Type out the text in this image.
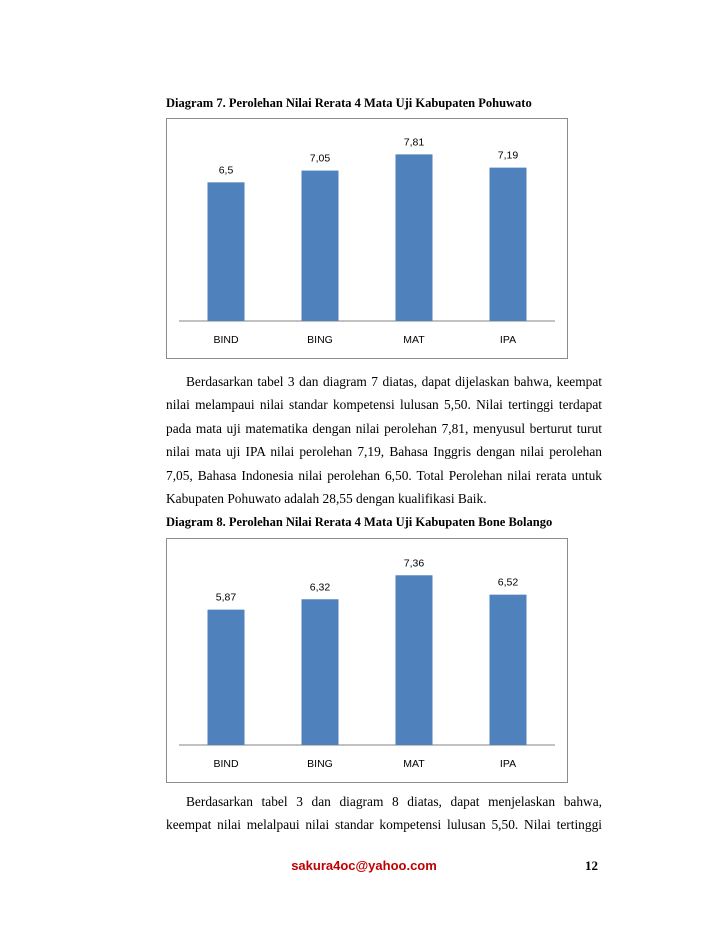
Diagram 7. Perolehan Nilai Rerata 4 Mata Uji Kabupaten Pohuwato
6,5
BIND
7,05
BING
7,81
MAT
7,19
IPA
Berdasarkan tabel 3 dan diagram 7 diatas, dapat dijelaskan bahwa, keempat
nilai melampaui nilai standar kompetensi lulusan 5,50. Nilai tertinggi terdapat
pada mata uji matematika dengan nilai perolehan 7,81, menyusul berturut turut
nilai mata uji IPA nilai perolehan 7,19, Bahasa Inggris dengan nilai perolehan
7,05, Bahasa Indonesia nilai perolehan 6,50. Total Perolehan nilai rerata untuk
Kabupaten Pohuwato adalah 28,55 dengan kualifikasi Baik.
Diagram 8. Perolehan Nilai Rerata 4 Mata Uji Kabupaten Bone Bolango
5,87
BIND
6,32
BING
7,36
MAT
6,52
IPA
Berdasarkan tabel 3 dan diagram 8 diatas, dapat menjelaskan bahwa,
keempat nilai melalpaui nilai standar kompetensi lulusan 5,50. Nilai tertinggi
sakura4oc@yahoo.com	12
